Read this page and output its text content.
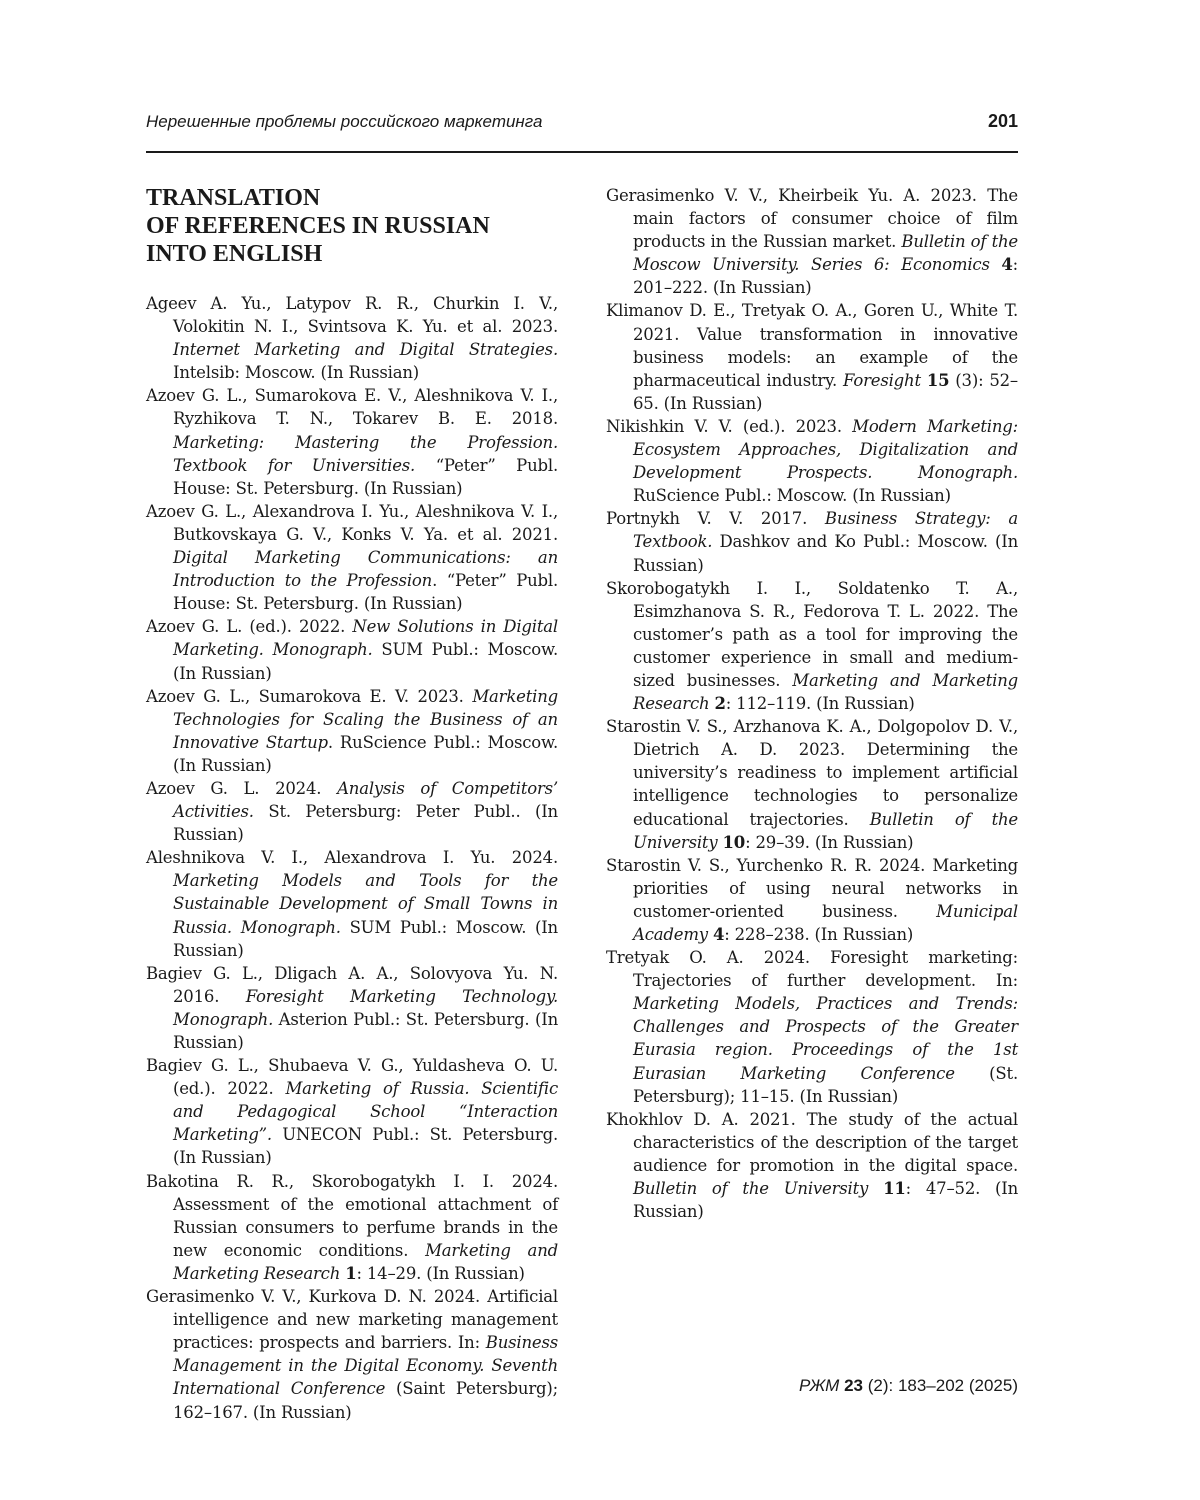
Нерешенные проблемы российского маркетинга	201
TRANSLATION
OF REFERENCES IN RUSSIAN
INTO ENGLISH

Ageev A. Yu., Latypov R. R., Churkin I. V., Volokitin N. I., Svintsova K. Yu. et al. 2023. Internet Marketing and Digital Strategies. Intelsib: Moscow. (In Russian)

Azoev G. L., Sumarokova E. V., Aleshnikova V. I., Ryzhikova T. N., Tokarev B. E. 2018. Marketing: Mastering the Profession. Textbook for Universities. “Peter” Publ. House: St. Petersburg. (In Russian)

Azoev G. L., Alexandrova I. Yu., Aleshnikova V. I., Butkovskaya G. V., Konks V. Ya. et al. 2021. Digital Marketing Communications: an Introduction to the Profession. “Peter” Publ. House: St. Petersburg. (In Russian)

Azoev G. L. (ed.). 2022. New Solutions in Digital Marketing. Monograph. SUM Publ.: Moscow. (In Russian)

Azoev G. L., Sumarokova E. V. 2023. Marketing Technologies for Scaling the Business of an Innovative Startup. RuScience Publ.: Moscow. (In Russian)

Azoev G. L. 2024. Analysis of Competitors’ Activities. St. Petersburg: Peter Publ.. (In Russian)

Aleshnikova V. I., Alexandrova I. Yu. 2024. Marketing Models and Tools for the Sustainable Development of Small Towns in Russia. Monograph. SUM Publ.: Moscow. (In Russian)

Bagiev G. L., Dligach A. A., Solovyova Yu. N. 2016. Foresight Marketing Technology. Monograph. Asterion Publ.: St. Petersburg. (In Russian)

Bagiev G. L., Shubaeva V. G., Yuldasheva O. U. (ed.). 2022. Marketing of Russia. Scientific and Pedagogical School “Interaction Marketing”. UNECON Publ.: St. Petersburg. (In Russian)

Bakotina R. R., Skorobogatykh I. I. 2024. Assessment of the emotional attachment of Russian consumers to perfume brands in the new economic conditions. Marketing and Marketing Research 1: 14–29. (In Russian)

Gerasimenko V. V., Kurkova D. N. 2024. Artificial intelligence and new marketing management practices: prospects and barriers. In: Business Management in the Digital Economy. Seventh International Conference (Saint Petersburg); 162–167. (In Russian)

Gerasimenko V. V., Kheirbeik Yu. A. 2023. The main factors of consumer choice of film products in the Russian market. Bulletin of the Moscow University. Series 6: Economics 4: 201–222. (In Russian)

Klimanov D. E., Tretyak O. A., Goren U., White T. 2021. Value transformation in innovative business models: an example of the pharmaceutical industry. Foresight 15 (3): 52–65. (In Russian)

Nikishkin V. V. (ed.). 2023. Modern Marketing: Ecosystem Approaches, Digitalization and Development Prospects. Monograph. RuScience Publ.: Moscow. (In Russian)

Portnykh V. V. 2017. Business Strategy: a Textbook. Dashkov and Ko Publ.: Moscow. (In Russian)

Skorobogatykh I. I., Soldatenko T. A., Esimzhanova S. R., Fedorova T. L. 2022. The customer’s path as a tool for improving the customer experience in small and medium-sized businesses. Marketing and Marketing Research 2: 112–119. (In Russian)

Starostin V. S., Arzhanova K. A., Dolgopolov D. V., Dietrich A. D. 2023. Determining the university’s readiness to implement artificial intelligence technologies to personalize educational trajectories. Bulletin of the University 10: 29–39. (In Russian)

Starostin V. S., Yurchenko R. R. 2024. Marketing priorities of using neural networks in customer-oriented business. Municipal Academy 4: 228–238. (In Russian)

Tretyak O. A. 2024. Foresight marketing: Trajectories of further development. In: Marketing Models, Practices and Trends: Challenges and Prospects of the Greater Eurasia region. Proceedings of the 1st Eurasian Marketing Conference (St. Petersburg); 11–15. (In Russian)

Khokhlov D. A. 2021. The study of the actual characteristics of the description of the target audience for promotion in the digital space. Bulletin of the University 11: 47–52. (In Russian)

РЖМ 23 (2): 183–202 (2025)
